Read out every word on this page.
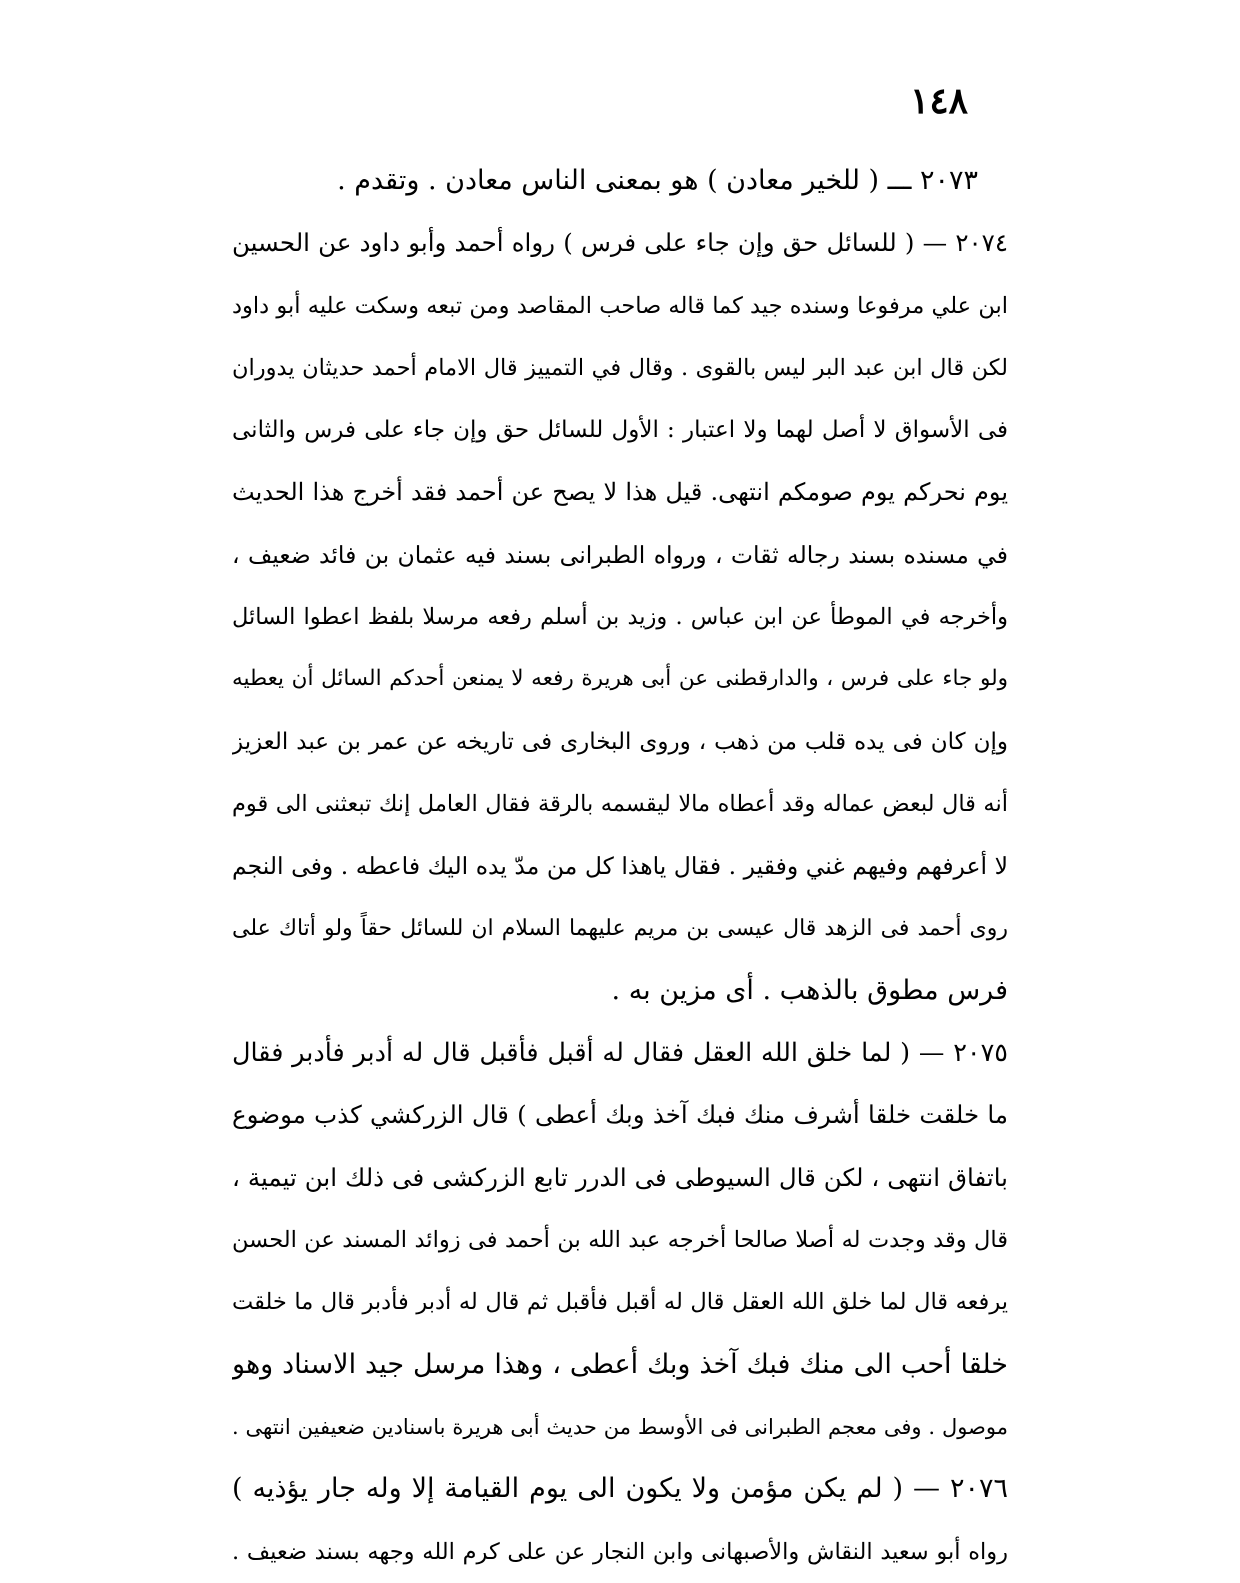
١٤٨
٢٠٧٣ ـــ ( للخير معادن ) هو بمعنى الناس معادن . وتقدم .
٢٠٧٤ — ( للسائل حق وإن جاء على فرس ) رواه أحمد وأبو داود عن الحسين
ابن علي مرفوعا وسنده جيد كما قاله صاحب المقاصد ومن تبعه وسكت عليه أبو داود
لكن قال ابن عبد البر ليس بالقوى . وقال في التمييز قال الامام أحمد حديثان يدوران
فى الأسواق لا أصل لهما ولا اعتبار : الأول للسائل حق وإن جاء على فرس والثانى
يوم نحركم يوم صومكم انتهى. قيل هذا لا يصح عن أحمد فقد أخرج هذا الحديث
في مسنده بسند رجاله ثقات ، ورواه الطبرانى بسند فيه عثمان بن فائد ضعيف ،
وأخرجه في الموطأ عن ابن عباس . وزيد بن أسلم رفعه مرسلا بلفظ اعطوا السائل
ولو جاء على فرس ، والدارقطنى عن أبى هريرة رفعه لا يمنعن أحدكم السائل أن يعطيه
وإن كان فى يده قلب من ذهب ، وروى البخارى فى تاريخه عن عمر بن عبد العزيز
أنه قال لبعض عماله وقد أعطاه مالا ليقسمه بالرقة فقال العامل إنك تبعثنى الى قوم
لا أعرفهم وفيهم غني وفقير . فقال ياهذا كل من مدّ يده اليك فاعطه . وفى النجم
روى أحمد فى الزهد قال عيسى بن مريم عليهما السلام ان للسائل حقاً ولو أتاك على
فرس مطوق بالذهب . أى مزين به .
٢٠٧٥ — ( لما خلق الله العقل فقال له أقبل فأقبل قال له أدبر فأدبر فقال
ما خلقت خلقا أشرف منك فبك آخذ وبك أعطى ) قال الزركشي كذب موضوع
باتفاق انتهى ، لكن قال السيوطى فى الدرر تابع الزركشى فى ذلك ابن تيمية ،
قال وقد وجدت له أصلا صالحا أخرجه عبد الله بن أحمد فى زوائد المسند عن الحسن
يرفعه قال لما خلق الله العقل قال له أقبل فأقبل ثم قال له أدبر فأدبر قال ما خلقت
خلقا أحب الى منك فبك آخذ وبك أعطى ، وهذا مرسل جيد الاسناد وهو
موصول . وفى معجم الطبرانى فى الأوسط من حديث أبى هريرة باسنادين ضعيفين انتهى .
٢٠٧٦ — ( لم يكن مؤمن ولا يكون الى يوم القيامة إلا وله جار يؤذيه )
رواه أبو سعيد النقاش والأصبهانى وابن النجار عن على كرم الله وجهه بسند ضعيف .
